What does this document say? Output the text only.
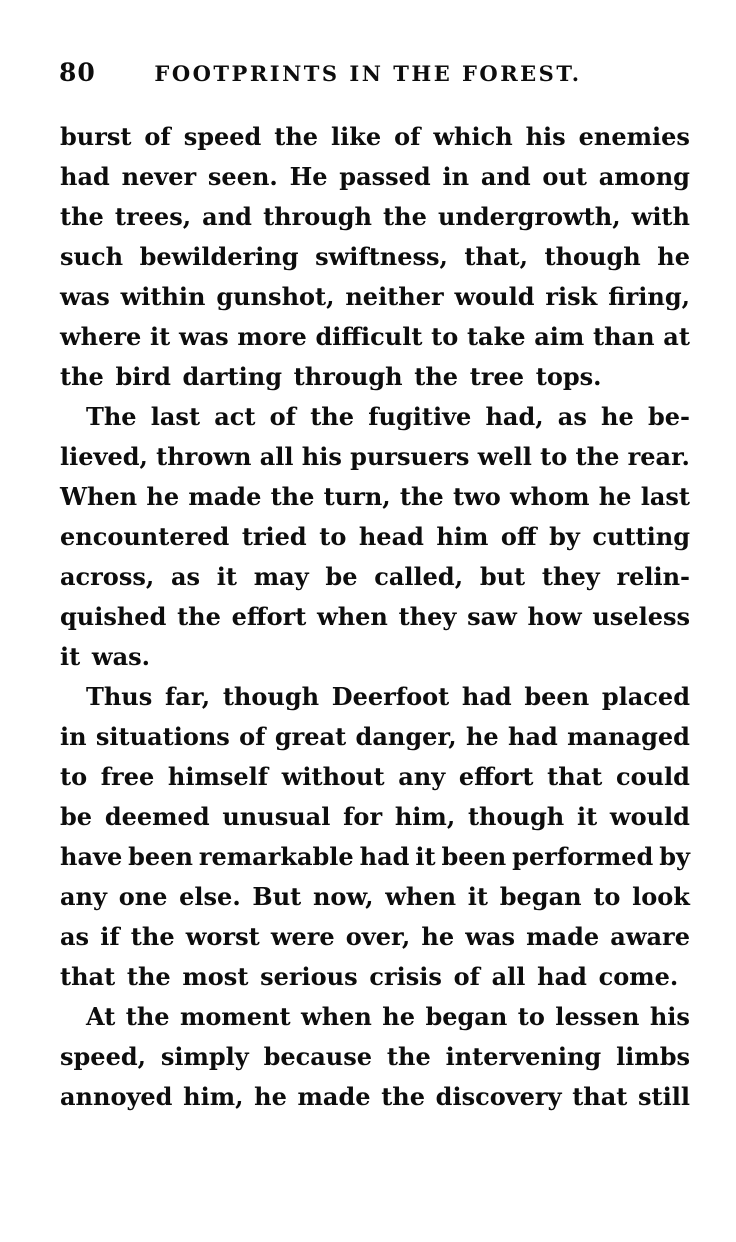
80	FOOTPRINTS IN THE FOREST.
burst of speed the like of which his enemies
had never seen. He passed in and out among
the trees, and through the undergrowth, with
such bewildering swiftness, that, though he
was within gunshot, neither would risk firing,
where it was more difficult to take aim than at
the bird darting through the tree tops.
The last act of the fugitive had, as he be-
lieved, thrown all his pursuers well to the rear.
When he made the turn, the two whom he last
encountered tried to head him off by cutting
across, as it may be called, but they relin-
quished the effort when they saw how useless
it was.
Thus far, though Deerfoot had been placed
in situations of great danger, he had managed
to free himself without any effort that could
be deemed unusual for him, though it would
have been remarkable had it been performed by
any one else. But now, when it began to look
as if the worst were over, he was made aware
that the most serious crisis of all had come.
At the moment when he began to lessen his
speed, simply because the intervening limbs
annoyed him, he made the discovery that still
